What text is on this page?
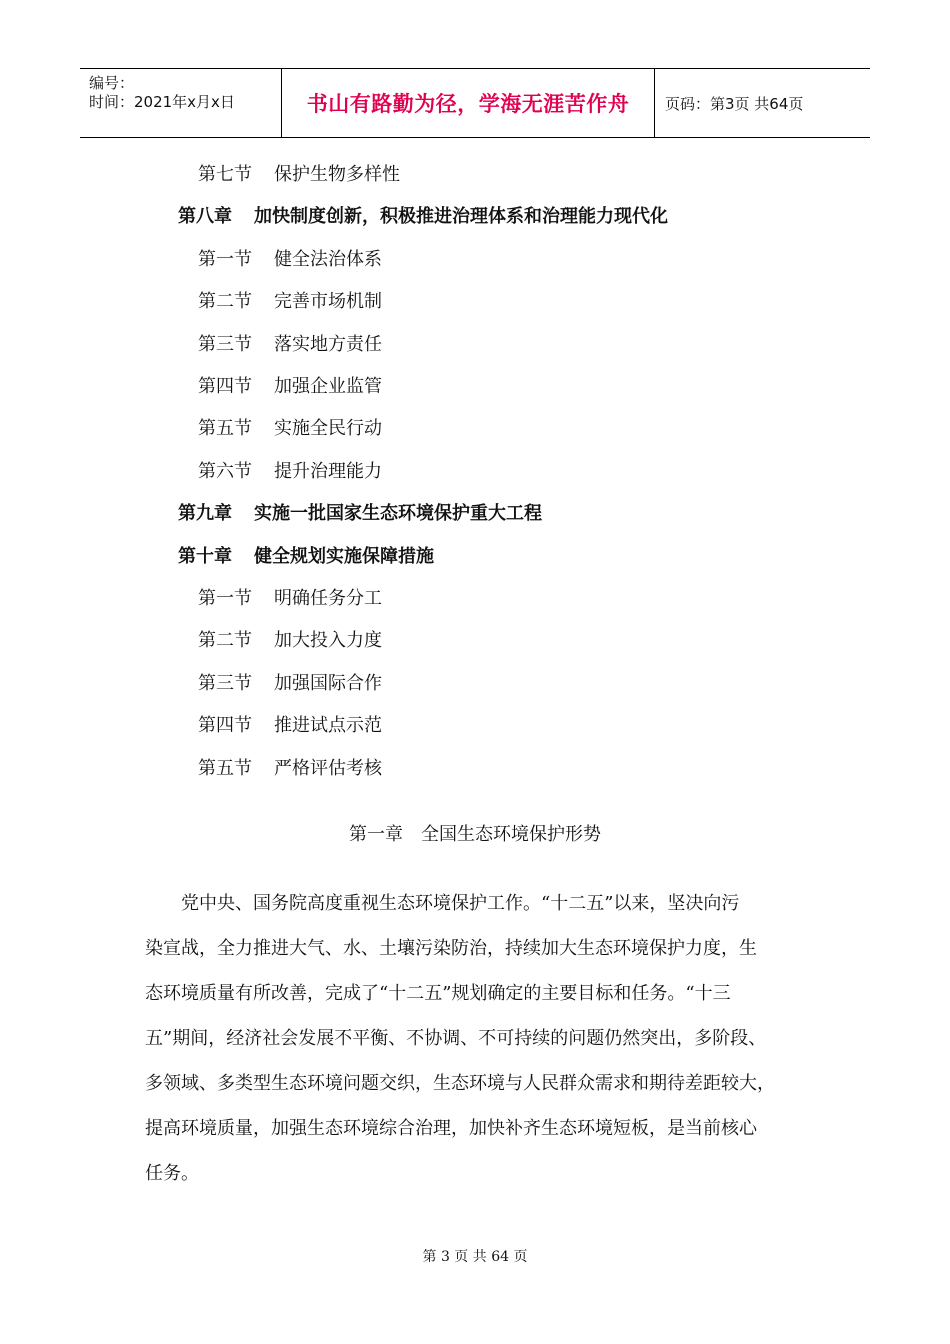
编号：
时间：2021年x月x日	书山有路勤为径，学海无涯苦作舟	页码：第3页 共64页
第七节 保护生物多样性
第八章 加快制度创新，积极推进治理体系和治理能力现代化
第一节 健全法治体系
第二节 完善市场机制
第三节 落实地方责任
第四节 加强企业监管
第五节 实施全民行动
第六节 提升治理能力
第九章 实施一批国家生态环境保护重大工程
第十章 健全规划实施保障措施
第一节 明确任务分工
第二节 加大投入力度
第三节 加强国际合作
第四节 推进试点示范
第五节 严格评估考核
第一章　全国生态环境保护形势
　　党中央、国务院高度重视生态环境保护工作。“十二五”以来，坚决向污
染宣战，全力推进大气、水、土壤污染防治，持续加大生态环境保护力度，生
态环境质量有所改善，完成了“十二五”规划确定的主要目标和任务。“十三
五”期间，经济社会发展不平衡、不协调、不可持续的问题仍然突出，多阶段、
多领域、多类型生态环境问题交织，生态环境与人民群众需求和期待差距较大，
提高环境质量，加强生态环境综合治理，加快补齐生态环境短板，是当前核心
任务。
第 3 页 共 64 页
